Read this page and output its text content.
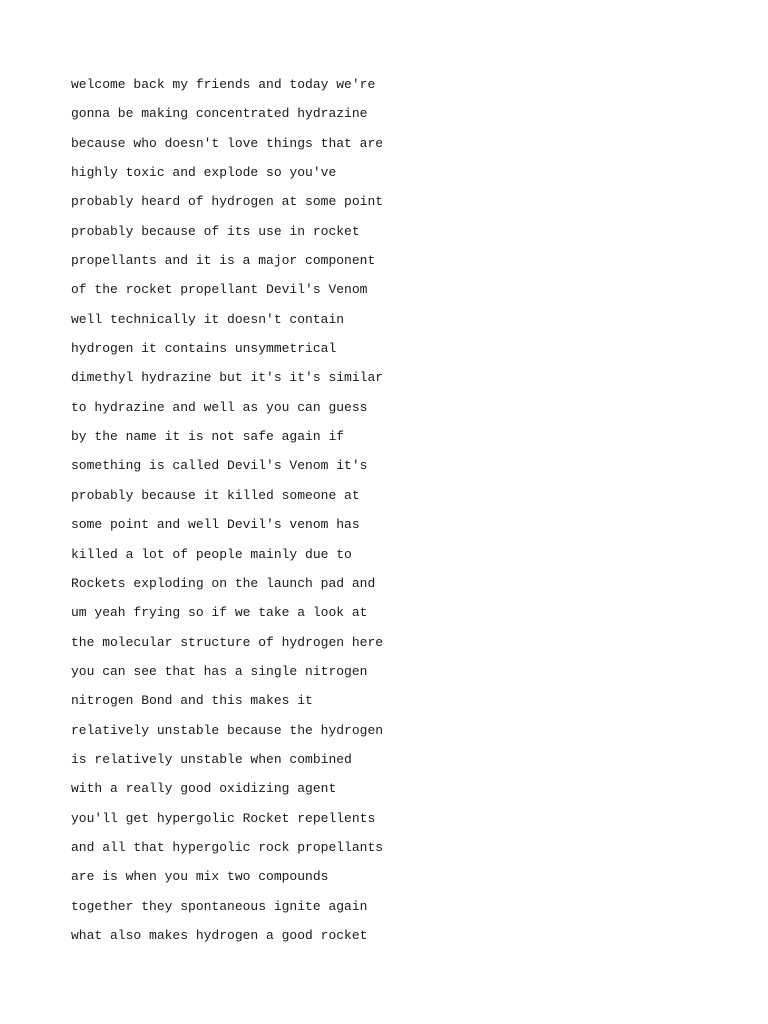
welcome back my friends and today we're
gonna be making concentrated hydrazine
because who doesn't love things that are
highly toxic and explode so you've
probably heard of hydrogen at some point
probably because of its use in rocket
propellants and it is a major component
of the rocket propellant Devil's Venom
well technically it doesn't contain
hydrogen it contains unsymmetrical
dimethyl hydrazine but it's it's similar
to hydrazine and well as you can guess
by the name it is not safe again if
something is called Devil's Venom it's
probably because it killed someone at
some point and well Devil's venom has
killed a lot of people mainly due to
Rockets exploding on the launch pad and
um yeah frying so if we take a look at
the molecular structure of hydrogen here
you can see that has a single nitrogen
nitrogen Bond and this makes it
relatively unstable because the hydrogen
is relatively unstable when combined
with a really good oxidizing agent
you'll get hypergolic Rocket repellents
and all that hypergolic rock propellants
are is when you mix two compounds
together they spontaneous ignite again
what also makes hydrogen a good rocket
